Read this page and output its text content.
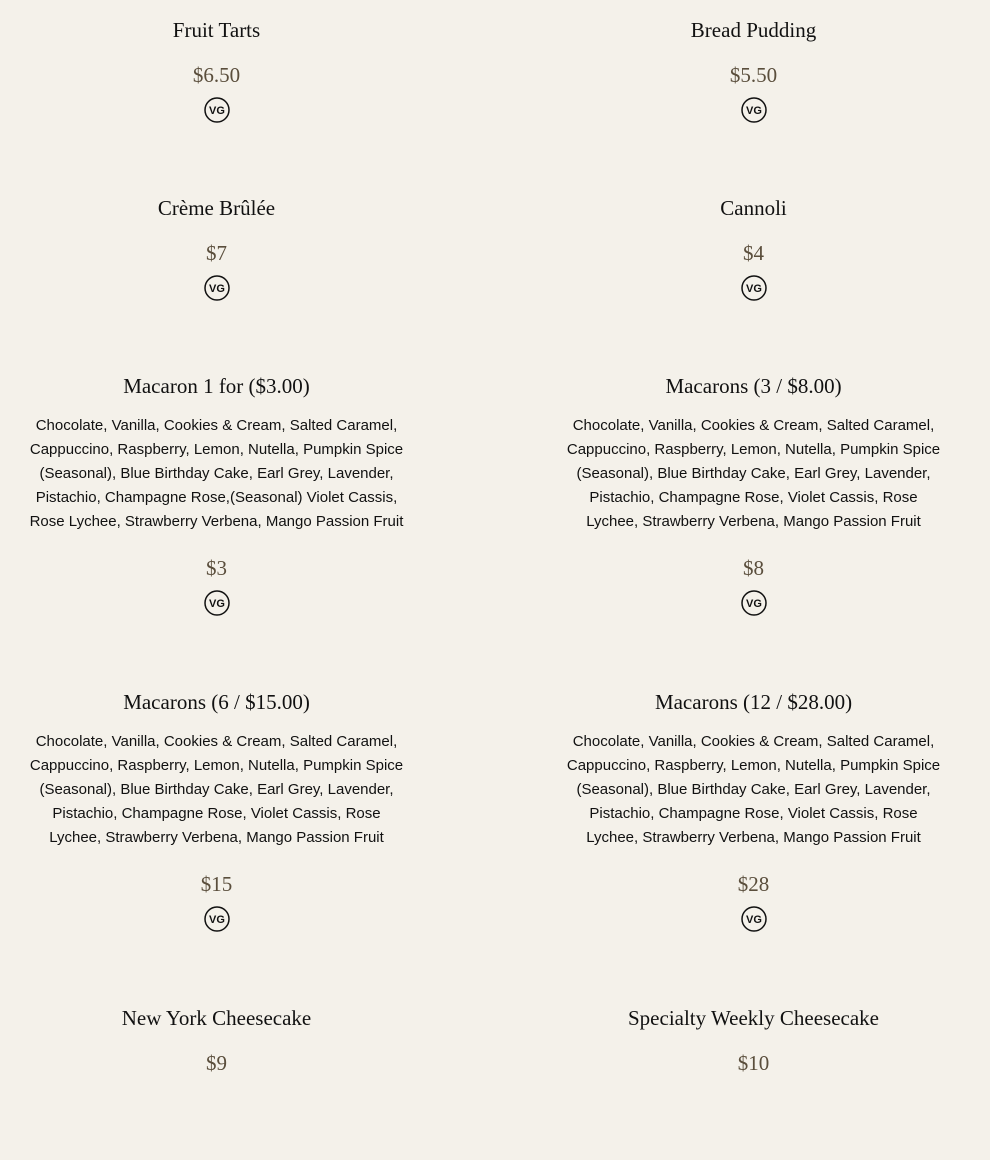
Fruit Tarts
$6.50
VG
Bread Pudding
$5.50
VG
Crème Brûlée
$7
VG
Cannoli
$4
VG
Macaron 1 for ($3.00)
Chocolate, Vanilla, Cookies & Cream, Salted Caramel, Cappuccino, Raspberry, Lemon, Nutella, Pumpkin Spice (Seasonal), Blue Birthday Cake, Earl Grey, Lavender, Pistachio, Champagne Rose,(Seasonal) Violet Cassis, Rose Lychee, Strawberry Verbena, Mango Passion Fruit
$3
VG
Macarons (3 / $8.00)
Chocolate, Vanilla, Cookies & Cream, Salted Caramel, Cappuccino, Raspberry, Lemon, Nutella, Pumpkin Spice (Seasonal), Blue Birthday Cake, Earl Grey, Lavender, Pistachio, Champagne Rose, Violet Cassis, Rose Lychee, Strawberry Verbena, Mango Passion Fruit
$8
VG
Macarons (6 / $15.00)
Chocolate, Vanilla, Cookies & Cream, Salted Caramel, Cappuccino, Raspberry, Lemon, Nutella, Pumpkin Spice (Seasonal), Blue Birthday Cake, Earl Grey, Lavender, Pistachio, Champagne Rose, Violet Cassis, Rose Lychee, Strawberry Verbena, Mango Passion Fruit
$15
VG
Macarons (12 / $28.00)
Chocolate, Vanilla, Cookies & Cream, Salted Caramel, Cappuccino, Raspberry, Lemon, Nutella, Pumpkin Spice (Seasonal), Blue Birthday Cake, Earl Grey, Lavender, Pistachio, Champagne Rose, Violet Cassis, Rose Lychee, Strawberry Verbena, Mango Passion Fruit
$28
VG
New York Cheesecake
$9
Specialty Weekly Cheesecake
$10
